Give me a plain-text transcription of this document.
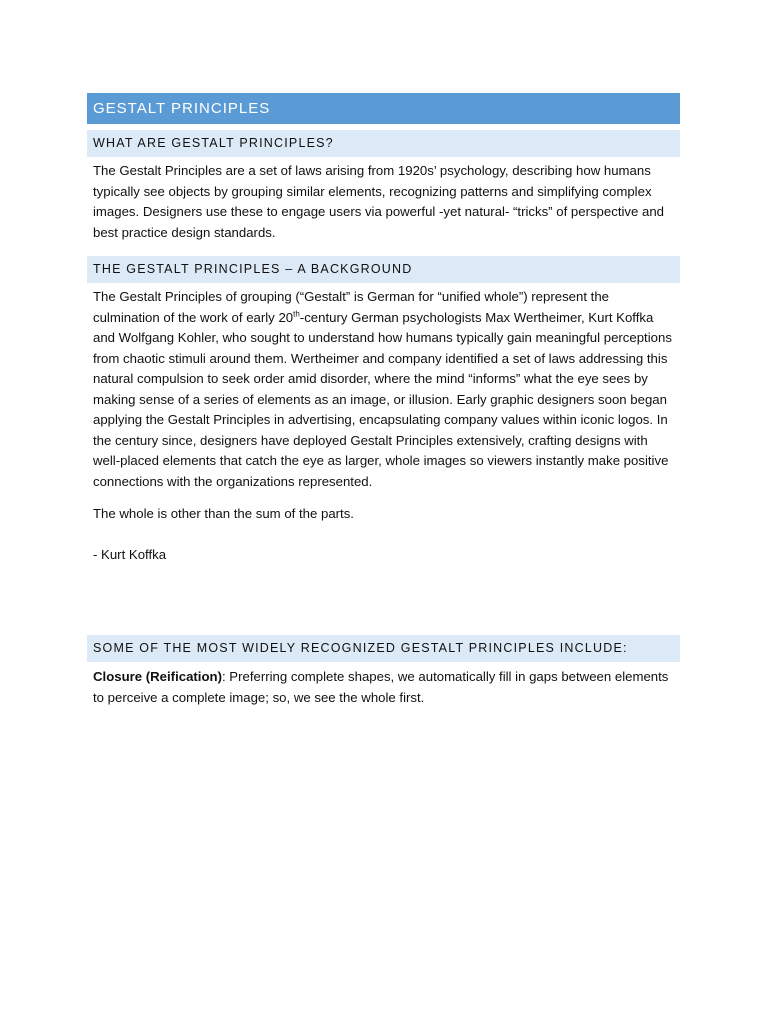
GESTALT PRINCIPLES
WHAT ARE GESTALT PRINCIPLES?

The Gestalt Principles are a set of laws arising from 1920s’ psychology, describing how humans typically see objects by grouping similar elements, recognizing patterns and simplifying complex images. Designers use these to engage users via powerful -yet natural- “tricks” of perspective and best practice design standards.

THE GESTALT PRINCIPLES – A BACKGROUND

The Gestalt Principles of grouping (“Gestalt” is German for “unified whole”) represent the culmination of the work of early 20th-century German psychologists Max Wertheimer, Kurt Koffka and Wolfgang Kohler, who sought to understand how humans typically gain meaningful perceptions from chaotic stimuli around them. Wertheimer and company identified a set of laws addressing this natural compulsion to seek order amid disorder, where the mind “informs” what the eye sees by making sense of a series of elements as an image, or illusion. Early graphic designers soon began applying the Gestalt Principles in advertising, encapsulating company values within iconic logos. In the century since, designers have deployed Gestalt Principles extensively, crafting designs with well-placed elements that catch the eye as larger, whole images so viewers instantly make positive connections with the organizations represented.

The whole is other than the sum of the parts.

- Kurt Koffka

SOME OF THE MOST WIDELY RECOGNIZED GESTALT PRINCIPLES INCLUDE:

Closure (Reification): Preferring complete shapes, we automatically fill in gaps between elements to perceive a complete image; so, we see the whole first.
